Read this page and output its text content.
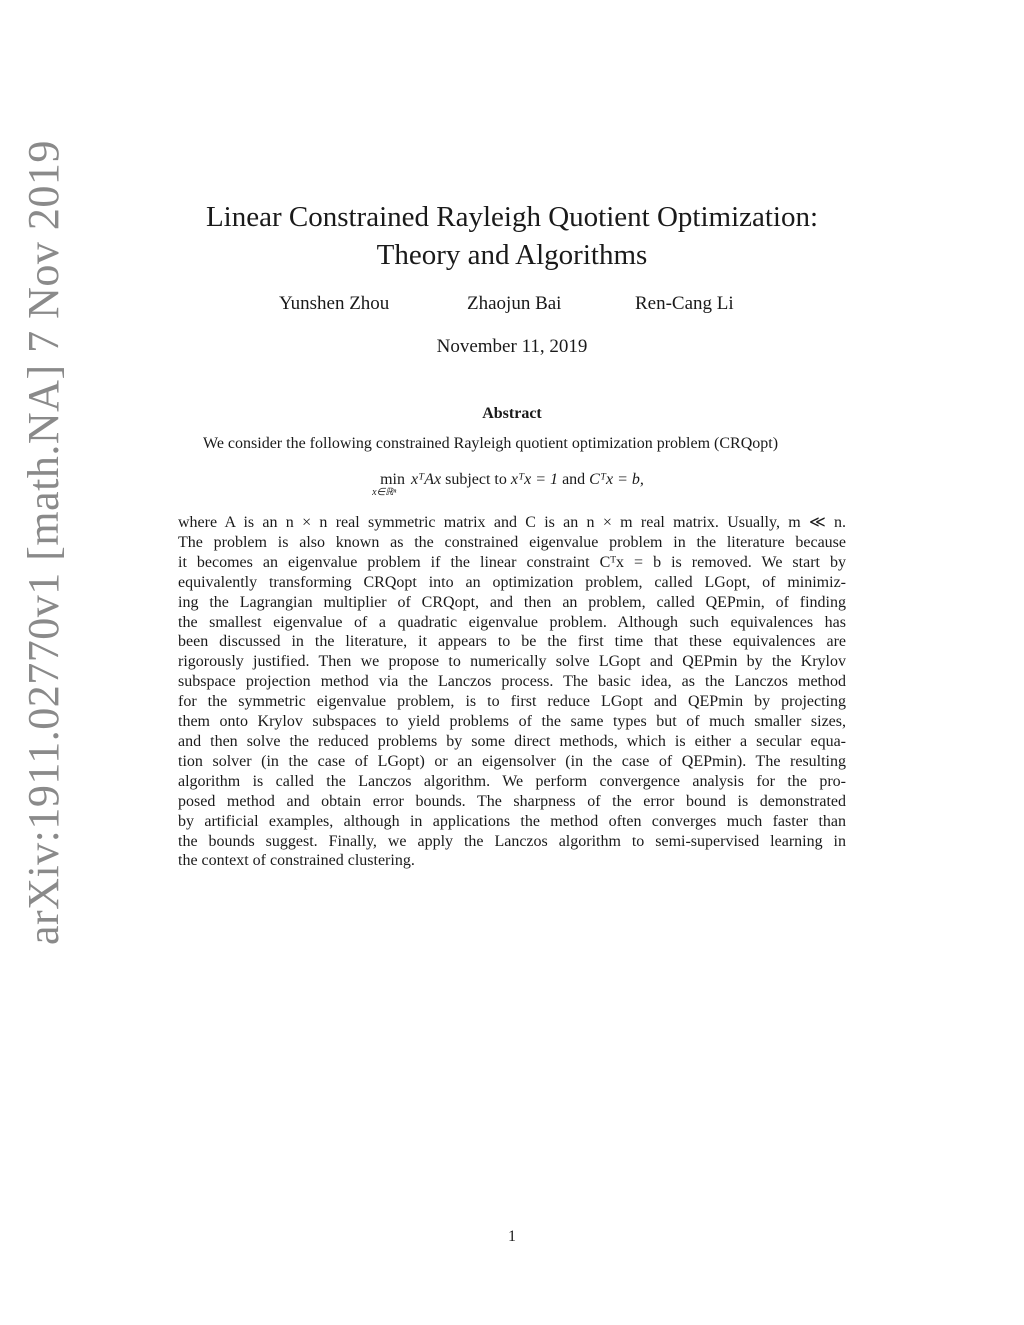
arXiv:1911.02770v1 [math.NA] 7 Nov 2019	Linear Constrained Rayleigh Quotient Optimization:
Theory and Algorithms
Yunshen Zhou	Zhaojun Bai	Ren-Cang Li
November 11, 2019
Abstract
We consider the following constrained Rayleigh quotient optimization problem (CRQopt)
min
x∈ℝⁿ
xᵀAx subject to xᵀx = 1 and Cᵀx = b,
where A is an n × n real symmetric matrix and C is an n × m real matrix. Usually, m ≪ n.
The problem is also known as the constrained eigenvalue problem in the literature because
it becomes an eigenvalue problem if the linear constraint Cᵀx = b is removed. We start by
equivalently transforming CRQopt into an optimization problem, called LGopt, of minimiz-
ing the Lagrangian multiplier of CRQopt, and then an problem, called QEPmin, of finding
the smallest eigenvalue of a quadratic eigenvalue problem. Although such equivalences has
been discussed in the literature, it appears to be the first time that these equivalences are
rigorously justified. Then we propose to numerically solve LGopt and QEPmin by the Krylov
subspace projection method via the Lanczos process. The basic idea, as the Lanczos method
for the symmetric eigenvalue problem, is to first reduce LGopt and QEPmin by projecting
them onto Krylov subspaces to yield problems of the same types but of much smaller sizes,
and then solve the reduced problems by some direct methods, which is either a secular equa-
tion solver (in the case of LGopt) or an eigensolver (in the case of QEPmin). The resulting
algorithm is called the Lanczos algorithm. We perform convergence analysis for the pro-
posed method and obtain error bounds. The sharpness of the error bound is demonstrated
by artificial examples, although in applications the method often converges much faster than
the bounds suggest. Finally, we apply the Lanczos algorithm to semi-supervised learning in
the context of constrained clustering.
1
